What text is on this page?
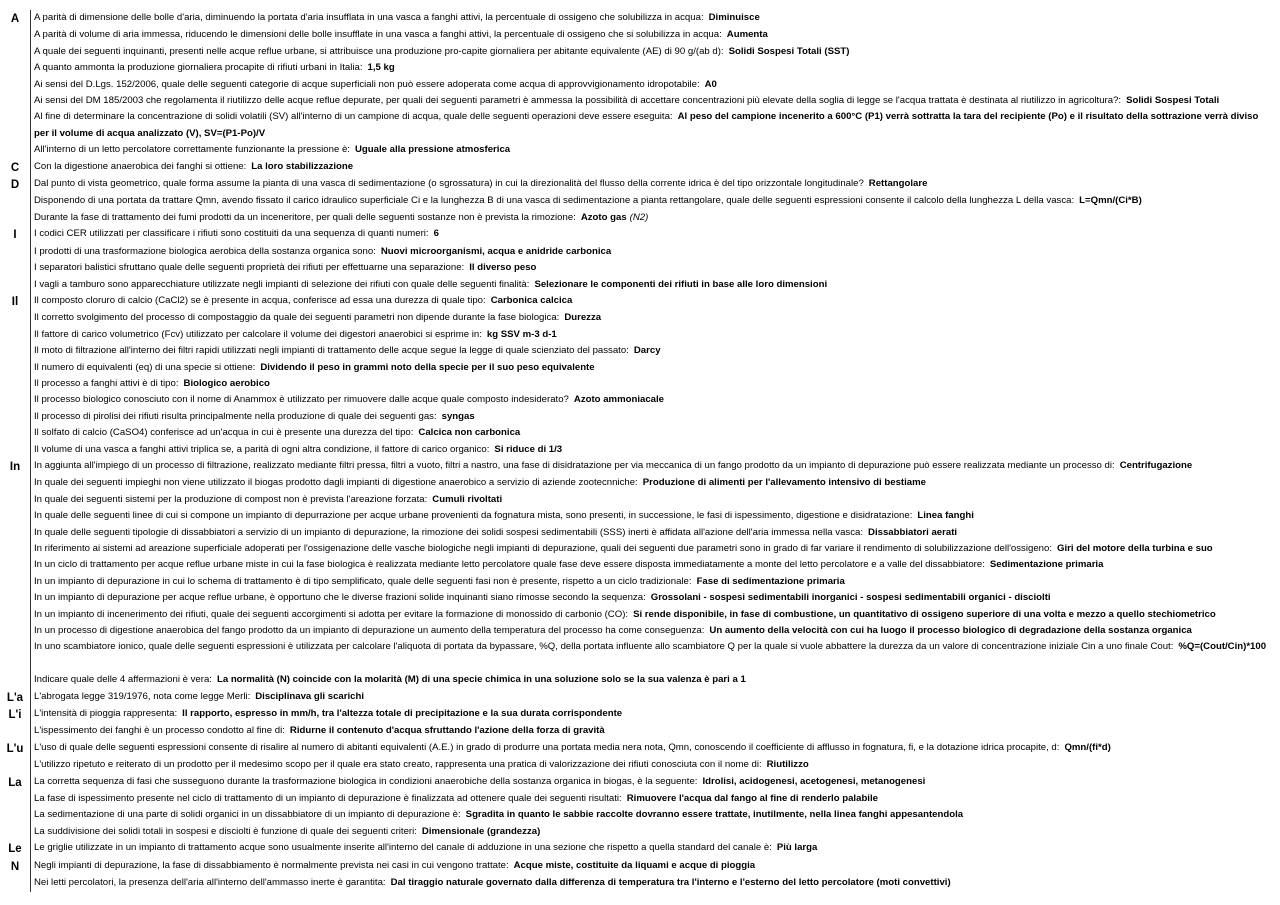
A	A parità di dimensione delle bolle d'aria, diminuendo la portata d'aria insufflata in una vasca a fanghi attivi, la percentuale di ossigeno che solubilizza in acqua: Diminuisce
A parità di volume di aria immessa, riducendo le dimensioni delle bolle insufflate in una vasca a fanghi attivi, la percentuale di ossigeno che si solubilizza in acqua: Aumenta
A quale dei seguenti inquinanti, presenti nelle acque reflue urbane, si attribuisce una produzione pro-capite giornaliera per abitante equivalente (AE) di 90 g/(ab d): Solidi Sospesi Totali (SST)
A quanto ammonta la produzione giornaliera procapite di rifiuti urbani in Italia: 1,5 kg
Ai sensi del D.Lgs. 152/2006, quale delle seguenti categorie di acque superficiali non può essere adoperata come acqua di approvvigionamento idropotabile: A0
Ai sensi del DM 185/2003 che regolamenta il riutilizzo delle acque reflue depurate, per quali dei seguenti parametri è ammessa la possibilità di accettare concentrazioni più elevate della soglia di legge se l'acqua trattata è destinata al riutilizzo in agricoltura?: Solidi Sospesi Totali
Al fine di determinare la concentrazione di solidi volatili (SV) all'interno di un campione di acqua, quale delle seguenti operazioni deve essere eseguita: Al peso del campione incenerito a 600°C (P1) verrà sottratta la tara del recipiente (Po) e il risultato della sottrazione verrà diviso per il volume di acqua analizzato (V), SV=(P1-Po)/V
All'interno di un letto percolatore correttamente funzionante la pressione è: Uguale alla pressione atmosferica
C	Con la digestione anaerobica dei fanghi si ottiene: La loro stabilizzazione
D	Dal punto di vista geometrico, quale forma assume la pianta di una vasca di sedimentazione (o sgrossatura) in cui la direzionalità del flusso della corrente idrica è del tipo orizzontale longitudinale? Rettangolare
Disponendo di una portata da trattare Qmn, avendo fissato il carico idraulico superficiale Ci e la lunghezza B di una vasca di sedimentazione a pianta rettangolare, quale delle seguenti espressioni consente il calcolo della lunghezza L della vasca: L=Qmn/(Ci*B)
Durante la fase di trattamento dei fumi prodotti da un inceneritore, per quali delle seguenti sostanze non è prevista la rimozione: Azoto gas (N2)
I	I codici CER utilizzati per classificare i rifiuti sono costituiti da una sequenza di quanti numeri: 6
I prodotti di una trasformazione biologica aerobica della sostanza organica sono: Nuovi microorganismi, acqua e anidride carbonica
I separatori balistici sfruttano quale delle seguenti proprietà dei rifiuti per effettuarne una separazione: Il diverso peso
I vagli a tamburo sono apparecchiature utilizzate negli impianti di selezione dei rifiuti con quale delle seguenti finalità: Selezionare le componenti dei rifiuti in base alle loro dimensioni
Il	Il composto cloruro di calcio (CaCl2) se è presente in acqua, conferisce ad essa una durezza di quale tipo: Carbonica calcica
Il corretto svolgimento del processo di compostaggio da quale dei seguenti parametri non dipende durante la fase biologica: Durezza
Il fattore di carico volumetrico (Fcv) utilizzato per calcolare il volume dei digestori anaerobici si esprime in: kg SSV m-3 d-1
Il moto di filtrazione all'interno dei filtri rapidi utilizzati negli impianti di trattamento delle acque segue la legge di quale scienziato del passato: Darcy
Il numero di equivalenti (eq) di una specie si ottiene: Dividendo il peso in grammi noto della specie per il suo peso equivalente
Il processo a fanghi attivi è di tipo: Biologico aerobico
Il processo biologico conosciuto con il nome di Anammox è utilizzato per rimuovere dalle acque quale composto indesiderato? Azoto ammoniacale
Il processo di pirolisi dei rifiuti risulta principalmente nella produzione di quale dei seguenti gas: syngas
Il solfato di calcio (CaSO4) conferisce ad un'acqua in cui è presente una durezza del tipo: Calcica non carbonica
Il volume di una vasca a fanghi attivi triplica se, a parità di ogni altra condizione, il fattore di carico organico: Si riduce di 1/3
In	In aggiunta all'impiego di un processo di filtrazione, realizzato mediante filtri pressa, filtri a vuoto, filtri a nastro, una fase di disidratazione per via meccanica di un fango prodotto da un impianto di depurazione può essere realizzata mediante un processo di: Centrifugazione
In quale dei seguenti impieghi non viene utilizzato il biogas prodotto dagli impianti di digestione anaerobico a servizio di aziende zootecnniche: Produzione di alimenti per l'allevamento intensivo di bestiame
In quale dei seguenti sistemi per la produzione di compost non è prevista l'areazione forzata: Cumuli rivoltati
In quale delle seguenti linee di cui si compone un impianto di depurrazione per acque urbane provenienti da fognatura mista, sono presenti, in successione, le fasi di ispessimento, digestione e disidratazione: Linea fanghi
In quale delle seguenti tipologie di dissabbiatori a servizio di un impianto di depurazione, la rimozione dei solidi sospesi sedimentabili (SSS) inerti è affidata all'azione dell'aria immessa nella vasca: Dissabbiatori aerati
In riferimento ai sistemi ad areazione superficiale adoperati per l'ossigenazione delle vasche biologiche negli impianti di depurazione, quali dei seguenti due parametri sono in grado di far variare il rendimento di solubilizzazione dell'ossigeno: Giri del motore della turbina e suo
In un ciclo di trattamento per acque reflue urbane miste in cui la fase biologica è realizzata mediante letto percolatore quale fase deve essere disposta immediatamente a monte del letto percolatore e a valle del dissabbiatore: Sedimentazione primaria
In un impianto di depurazione in cui lo schema di trattamento è di tipo semplificato, quale delle seguenti fasi non è presente, rispetto a un ciclo tradizionale: Fase di sedimentazione primaria
In un impianto di depurazione per acque reflue urbane, è opportuno che le diverse frazioni solide inquinanti siano rimosse secondo la sequenza: Grossolani - sospesi sedimentabili inorganici - sospesi sedimentabili organici - disciolti
In un impianto di incenerimento dei rifiuti, quale dei seguenti accorgimenti si adotta per evitare la formazione di monossido di carbonio (CO): Si rende disponibile, in fase di combustione, un quantitativo di ossigeno superiore di una volta e mezzo a quello stechiometrico
In un processo di digestione anaerobica del fango prodotto da un impianto di depurazione un aumento della temperatura del processo ha come conseguenza: Un aumento della velocità con cui ha luogo il processo biologico di degradazione della sostanza organica
In uno scambiatore ionico, quale delle seguenti espressioni è utilizzata per calcolare l'aliquota di portata da bypassare, %Q, della portata influente allo scambiatore Q per la quale si vuole abbattere la durezza da un valore di concentrazione iniziale Cin a uno finale Cout: %Q=(Cout/Cin)*100
Indicare quale delle 4 affermazioni è vera: La normalità (N) coincide con la molarità (M) di una specie chimica in una soluzione solo se la sua valenza è pari a 1
L'a	L'abrogata legge 319/1976, nota come legge Merli: Disciplinava gli scarichi
L'i	L'intensità di pioggia rappresenta: Il rapporto, espresso in mm/h, tra l'altezza totale di precipitazione e la sua durata corrispondente
L'ispessimento dei fanghi è un processo condotto al fine di: Ridurne il contenuto d'acqua sfruttando l'azione della forza di gravità
L'u	L'uso di quale delle seguenti espressioni consente di risalire al numero di abitanti equivalenti (A.E.) in grado di produrre una portata media nera nota, Qmn, conoscendo il coefficiente di afflusso in fognatura, fi, e la dotazione idrica procapite, d: Qmn/(fi*d)
L'utilizzo ripetuto e reiterato di un prodotto per il medesimo scopo per il quale era stato creato, rappresenta una pratica di valorizzazione dei rifiuti conosciuta con il nome di: Riutilizzo
La	La corretta sequenza di fasi che susseguono durante la trasformazione biologica in condizioni anaerobiche della sostanza organica in biogas, è la seguente: Idrolisi, acidogenesi, acetogenesi, metanogenesi
La fase di ispessimento presente nel ciclo di trattamento di un impianto di depurazione è finalizzata ad ottenere quale dei seguenti risultati: Rimuovere l'acqua dal fango al fine di renderlo palabile
La sedimentazione di una parte di solidi organici in un dissabbiatore di un impianto di depurazione è: Sgradita in quanto le sabbie raccolte dovranno essere trattate, inutilmente, nella linea fanghi appesantendola
La suddivisione dei solidi totali in sospesi e disciolti è funzione di quale dei seguenti criteri: Dimensionale (grandezza)
Le	Le griglie utilizzate in un impianto di trattamento acque sono usualmente inserite all'interno del canale di adduzione in una sezione che rispetto a quella standard del canale è: Più larga
N	Negli impianti di depurazione, la fase di dissabbiamento è normalmente prevista nei casi in cui vengono trattate: Acque miste, costituite da liquami e acque di pioggia
Nei letti percolatori, la presenza dell'aria all'interno dell'ammasso inerte è garantita: Dal tiraggio naturale governato dalla differenza di temperatura tra l'interno e l'esterno del letto percolatore (moti convettivi)
